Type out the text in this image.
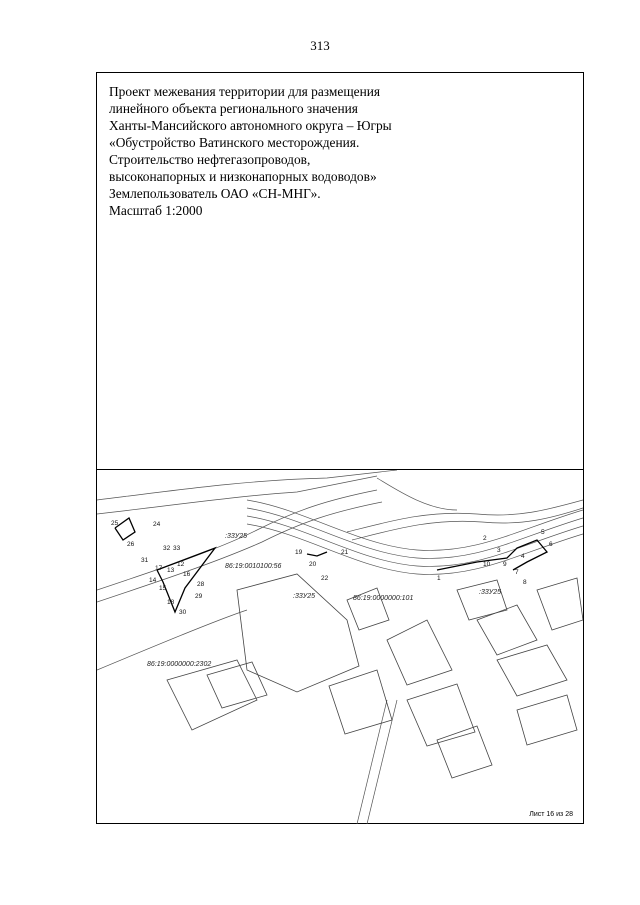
313
Проект межевания территории для размещения
линейного объекта регионального значения
Ханты-Мансийского автономного округа – Югры
«Обустройство Ватинского месторождения.
Строительство нефтегазопроводов,
высоконапорных и низконапорных водоводов»
Землепользователь ОАО «СН-МНГ».
Масштаб 1:2000
86:19:0010100:56
86:19:0000000:101
86:19:0000000:2302
:33У25
:33У25
:33У25
25	24
26
31
32 33
12
13
14
15
16
17
18
19
20
21
22
28
29
30
1
2
3
4
5
6
7
8
9
10
Лист 16 из 28
